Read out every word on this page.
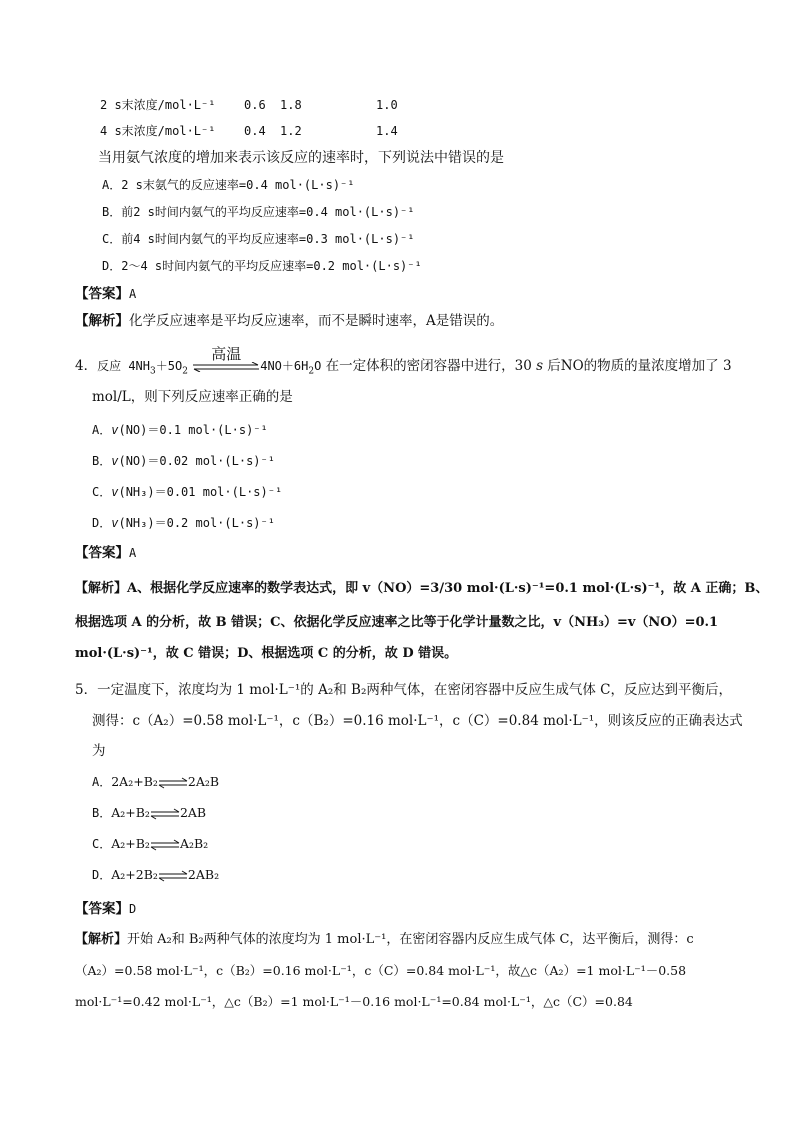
2 s末浓度/mol·L⁻¹ 0.6 1.8	1.0
4 s末浓度/mol·L⁻¹ 0.4 1.2	1.4
当用氨气浓度的增加来表示该反应的速率时，下列说法中错误的是
A．2 s末氨气的反应速率=0.4 mol·(L·s)⁻¹
B．前2 s时间内氨气的平均反应速率=0.4 mol·(L·s)⁻¹
C．前4 s时间内氨气的平均反应速率=0.3 mol·(L·s)⁻¹
D．2～4 s时间内氨气的平均反应速率=0.2 mol·(L·s)⁻¹
【答案】A
【解析】化学反应速率是平均反应速率，而不是瞬时速率，A是错误的。
4．反应 $4NH_3+5O_2$
高温
$4NO+6H_2O$ 在一定体积的密闭容器中进行，30 s 后NO的物质的量浓度增加了 3
mol/L，则下列反应速率正确的是
A．v(NO)＝0.1 mol·(L·s)⁻¹
B．v(NO)＝0.02 mol·(L·s)⁻¹
C．v(NH₃)＝0.01 mol·(L·s)⁻¹
D．v(NH₃)＝0.2 mol·(L·s)⁻¹
【答案】A
【解析】A、根据化学反应速率的数学表达式，即 v（NO）=3/30 mol·(L·s)⁻¹=0.1 mol·(L·s)⁻¹，故 A 正确；B、
根据选项 A 的分析，故 B 错误；C、依据化学反应速率之比等于化学计量数之比，v（NH₃）=v（NO）=0.1
mol·(L·s)⁻¹，故 C 错误；D、根据选项 C 的分析，故 D 错误。
5．一定温度下，浓度均为 1 mol·L⁻¹的 A₂和 B₂两种气体，在密闭容器中反应生成气体 C，反应达到平衡后，
测得：c（A₂）=0.58 mol·L⁻¹，c（B₂）=0.16 mol·L⁻¹，c（C）=0.84 mol·L⁻¹，则该反应的正确表达式
为
A．2A₂+B₂⇌2A₂B
B．A₂+B₂⇌2AB
C．A₂+B₂⇌A₂B₂
D．A₂+2B₂⇌2AB₂
【答案】D
【解析】开始 A₂和 B₂两种气体的浓度均为 1 mol·L⁻¹，在密闭容器内反应生成气体 C，达平衡后，测得：c
（A₂）=0.58 mol·L⁻¹，c（B₂）=0.16 mol·L⁻¹，c（C）=0.84 mol·L⁻¹，故△c（A₂）=1 mol·L⁻¹－0.58
mol·L⁻¹=0.42 mol·L⁻¹，△c（B₂）=1 mol·L⁻¹－0.16 mol·L⁻¹=0.84 mol·L⁻¹，△c（C）=0.84
